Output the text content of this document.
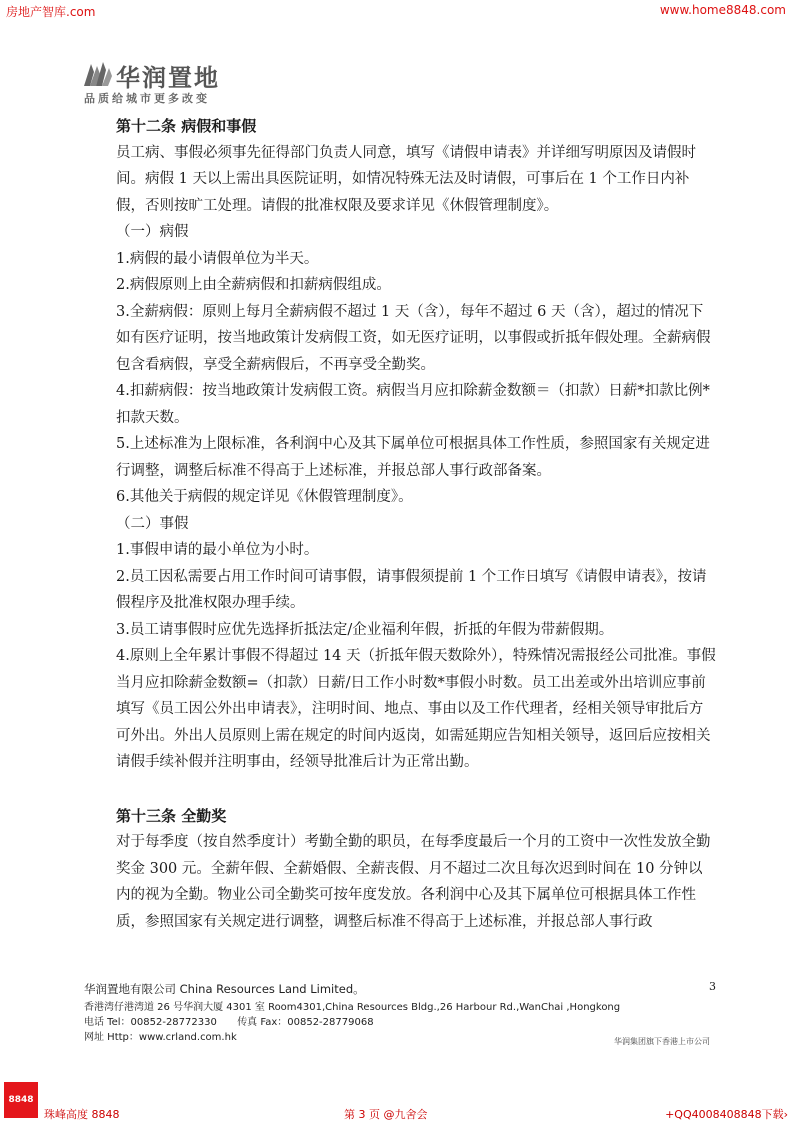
房地产智库.com	www.home8848.com
华润置地
品质给城市更多改变

第十二条 病假和事假

员工病、事假必须事先征得部门负责人同意，填写《请假申请表》并详细写明原因及请假时间。病假 1 天以上需出具医院证明，如情况特殊无法及时请假，可事后在 1 个工作日内补假，否则按旷工处理。请假的批准权限及要求详见《休假管理制度》。

（一）病假

1.病假的最小请假单位为半天。

2.病假原则上由全薪病假和扣薪病假组成。

3.全薪病假：原则上每月全薪病假不超过 1 天（含），每年不超过 6 天（含），超过的情况下如有医疗证明，按当地政策计发病假工资，如无医疗证明，以事假或折抵年假处理。全薪病假包含看病假，享受全薪病假后，不再享受全勤奖。

4.扣薪病假：按当地政策计发病假工资。病假当月应扣除薪金数额＝（扣款）日薪*扣款比例*扣款天数。

5.上述标准为上限标准，各利润中心及其下属单位可根据具体工作性质，参照国家有关规定进行调整，调整后标准不得高于上述标准，并报总部人事行政部备案。

6.其他关于病假的规定详见《休假管理制度》。

（二）事假

1.事假申请的最小单位为小时。

2.员工因私需要占用工作时间可请事假，请事假须提前 1 个工作日填写《请假申请表》，按请假程序及批准权限办理手续。

3.员工请事假时应优先选择折抵法定/企业福利年假，折抵的年假为带薪假期。

4.原则上全年累计事假不得超过 14 天（折抵年假天数除外），特殊情况需报经公司批准。事假当月应扣除薪金数额=（扣款）日薪/日工作小时数*事假小时数。员工出差或外出培训应事前填写《员工因公外出申请表》，注明时间、地点、事由以及工作代理者，经相关领导审批后方可外出。外出人员原则上需在规定的时间内返岗，如需延期应告知相关领导，返回后应按相关请假手续补假并注明事由，经领导批准后计为正常出勤。

第十三条 全勤奖

对于每季度（按自然季度计）考勤全勤的职员，在每季度最后一个月的工资中一次性发放全勤奖金 300 元。全薪年假、全薪婚假、全薪丧假、月不超过二次且每次迟到时间在 10 分钟以内的视为全勤。物业公司全勤奖可按年度发放。各利润中心及其下属单位可根据具体工作性质，参照国家有关规定进行调整，调整后标准不得高于上述标准，并报总部人事行政

华润置地有限公司 China Resources Land Limited。
香港湾仔港湾道 26 号华润大厦 4301 室 Room4301,China Resources Bldg.,26 Harbour Rd.,WanChai ,Hongkong
电话 Tel：00852-28772330 传真 Fax：00852-28779068 网址 Http：www.crland.com.hk
3
华润集团旗下香港上市公司
8848
珠峰高度 8848	第 3 页 @九舍会	+QQ4008408848下载›
